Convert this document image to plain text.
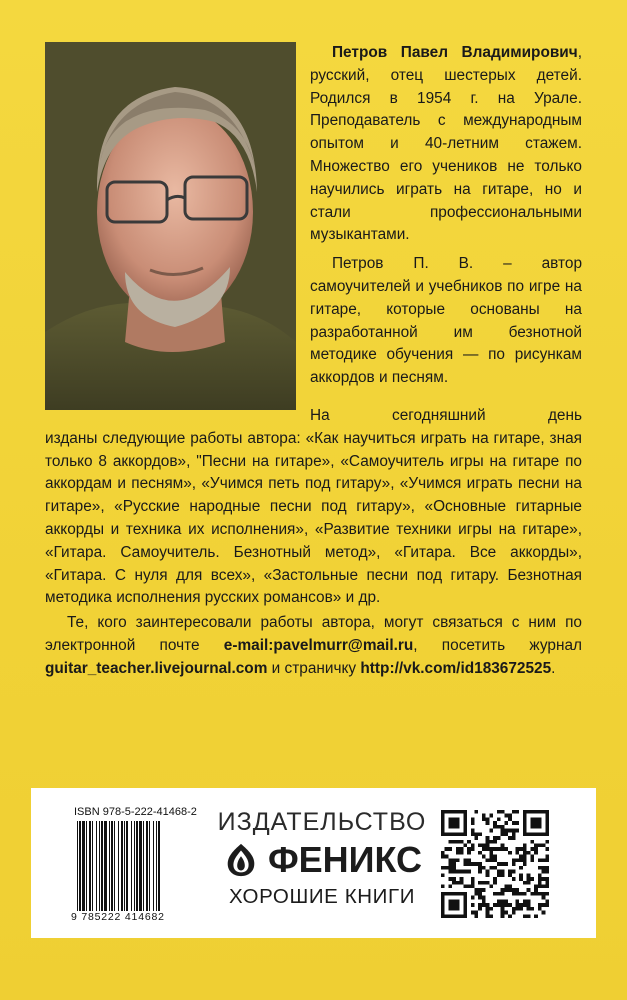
Петров Павел Владимирович, русский, отец шестерых детей. Родился в 1954 г. на Урале. Преподаватель с международным опытом и 40-летним стажем. Множество его учеников не только научились играть на гитаре, но и стали профессиональными музыкантами.

Петров П. В. – автор самоучителей и учебников по игре на гитаре, которые основаны на разработанной им безнотной методике обучения — по рисункам аккордов и песням.

На сегодняшний день

изданы следующие работы автора: «Как научиться играть на гитаре, зная только 8 аккордов», "Песни на гитаре», «Самоучитель игры на гитаре по аккордам и песням», «Учимся петь под гитару», «Учимся играть песни на гитаре», «Русские народные песни под гитару», «Основные гитарные аккорды и техника их исполнения», «Развитие техники игры на гитаре», «Гитара. Самоучитель. Безнотный метод», «Гитара. Все аккорды», «Гитара. С нуля для всех», «Застольные песни под гитару. Безнотная методика исполнения русских романсов» и др.

Те, кого заинтересовали работы автора, могут связаться с ним по электронной почте e-mail:pavelmurr@mail.ru, посетить журнал guitar_teacher.livejournal.com и страничку http://vk.com/id183672525.

ISBN 978-5-222-41468-2
9 785222 414682
ИЗДАТЕЛЬСТВО
ФЕНИКС
ХОРОШИЕ КНИГИ
